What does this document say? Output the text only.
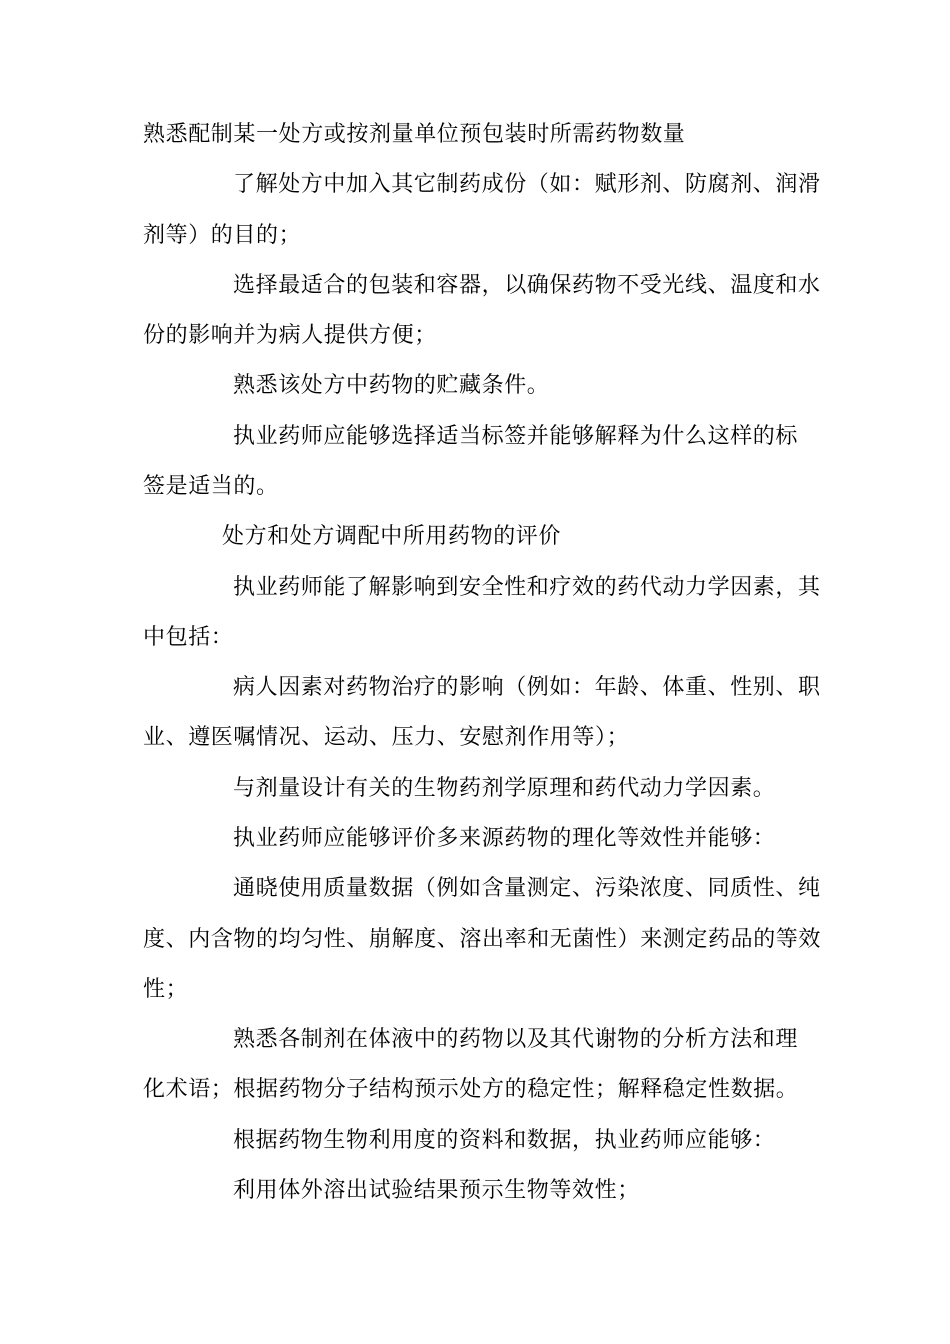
熟悉配制某一处方或按剂量单位预包装时所需药物数量
了解处方中加入其它制药成份（如：赋形剂、防腐剂、润滑
剂等）的目的；
选择最适合的包装和容器，以确保药物不受光线、温度和水
份的影响并为病人提供方便；
熟悉该处方中药物的贮藏条件。
执业药师应能够选择适当标签并能够解释为什么这样的标
签是适当的。
处方和处方调配中所用药物的评价
执业药师能了解影响到安全性和疗效的药代动力学因素，其
中包括：
病人因素对药物治疗的影响（例如：年龄、体重、性别、职
业、遵医嘱情况、运动、压力、安慰剂作用等）；
与剂量设计有关的生物药剂学原理和药代动力学因素。
执业药师应能够评价多来源药物的理化等效性并能够：
通晓使用质量数据（例如含量测定、污染浓度、同质性、纯
度、内含物的均匀性、崩解度、溶出率和无菌性）来测定药品的等效
性；
熟悉各制剂在体液中的药物以及其代谢物的分析方法和理
化术语；根据药物分子结构预示处方的稳定性；解释稳定性数据。
根据药物生物利用度的资料和数据，执业药师应能够：
利用体外溶出试验结果预示生物等效性；
